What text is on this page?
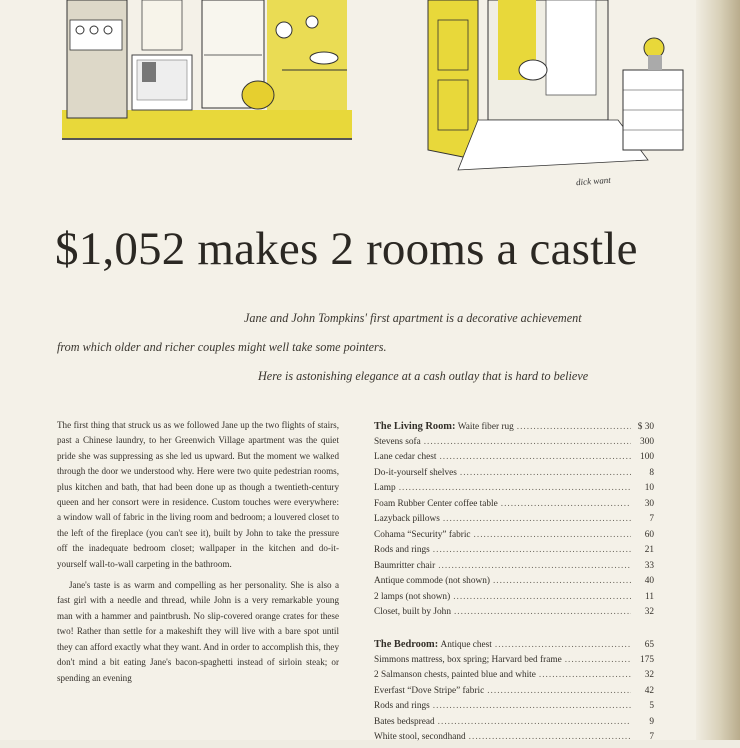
dick want
$1,052 makes 2 rooms a castle
Jane and John Tompkins' first apartment is a decorative achievement
from which older and richer couples might well take some pointers.
Here is astonishing elegance at a cash outlay that is hard to believe

The first thing that struck us as we followed Jane up the two flights of stairs, past a Chinese laundry, to her Greenwich Village apartment was the quiet pride she was suppressing as she led us upward. But the moment we walked through the door we understood why. Here were two quite pedestrian rooms, plus kitchen and bath, that had been done up as though a twentieth-century queen and her consort were in residence. Custom touches were everywhere: a window wall of fabric in the living room and bedroom; a louvered closet to the left of the fireplace (you can't see it), built by John to take the pressure off the inadequate bedroom closet; wallpaper in the kitchen and do-it-yourself wall-to-wall carpeting in the bathroom.

Jane's taste is as warm and compelling as her personality. She is also a fast girl with a needle and thread, while John is a very remarkable young man with a hammer and paintbrush. No slip-covered orange crates for these two! Rather than settle for a makeshift they will live with a bare spot until they can afford exactly what they want. And in order to accomplish this, they don't mind a bit eating Jane's bacon-spaghetti instead of sirloin steak; or spending an evening

The Living Room: Waite fiber rug .....	$ 30
Stevens sofa .....	300
Lane cedar chest .....	100
Do-it-yourself shelves .....	8
Lamp .....	10
Foam Rubber Center coffee table .....	30
Lazyback pillows .....	7
Cohama “Security” fabric .....	60
Rods and rings .....	21
Baumritter chair .....	33
Antique commode (not shown) .....	40
2 lamps (not shown) .....	11
Closet, built by John .....	32
The Bedroom: Antique chest .....	65
Simmons mattress, box spring; Harvard bed frame .....	175
2 Salmanson chests, painted blue and white .....	32
Everfast “Dove Stripe” fabric .....	42
Rods and rings .....	5
Bates bedspread .....	9
White stool, secondhand .....	7
